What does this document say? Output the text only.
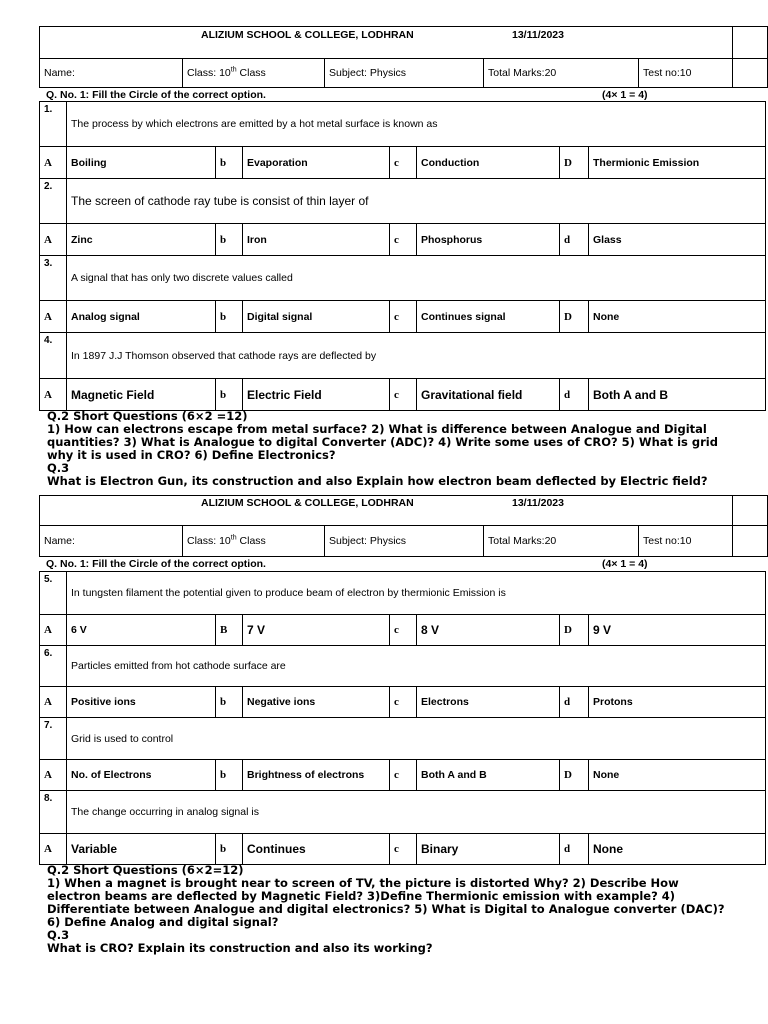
ALIZIUM SCHOOL & COLLEGE, LODHRAN 13/11/2023					

Name:	Class: 10th Class	Subject: Physics	Total Marks:20	Test no:10	
Q. No. 1: Fill the Circle of the correct option.	(4× 1 = 4)
1.	The process by which electrons are emitted by a hot metal surface is known as						
A	Boiling	b	Evaporation	c	Conduction	D	Thermionic Emission
2.	The screen of cathode ray tube is consist of thin layer of						
A	Zinc	b	Iron	c	Phosphorus	d	Glass
3.	A signal that has only two discrete values called						
A	Analog signal	b	Digital signal	c	Continues signal	D	None
4.	In 1897 J.J Thomson observed that cathode rays are deflected by						
A	Magnetic Field	b	Electric Field	c	Gravitational field	d	Both A and B

Q.2 Short Questions (6×2 =12)

1) How can electrons escape from metal surface? 2) What is difference between Analogue and Digital quantities? 3) What is Analogue to digital Converter (ADC)? 4) Write some uses of CRO? 5) What is grid why it is used in CRO? 6) Define Electronics?

Q.3

What is Electron Gun, its construction and also Explain how electron beam deflected by Electric field?

ALIZIUM SCHOOL & COLLEGE, LODHRAN 13/11/2023					

Name:	Class: 10th Class	Subject: Physics	Total Marks:20	Test no:10	
Q. No. 1: Fill the Circle of the correct option.	(4× 1 = 4)
5.	In tungsten filament the potential given to produce beam of electron by thermionic Emission is						
A	6 V	B	7 V	c	8 V	D	9 V
6.	Particles emitted from hot cathode surface are						
A	Positive ions	b	Negative ions	c	Electrons	d	Protons
7.	Grid is used to control						
A	No. of Electrons	b	Brightness of electrons	c	Both A and B	D	None
8.	The change occurring in analog signal is						
A	Variable	b	Continues	c	Binary	d	None

Q.2 Short Questions (6×2=12)

1) When a magnet is brought near to screen of TV, the picture is distorted Why? 2) Describe How electron beams are deflected by Magnetic Field? 3)Define Thermionic emission with example? 4) Differentiate between Analogue and digital electronics? 5) What is Digital to Analogue converter (DAC)? 6) Define Analog and digital signal?

Q.3

What is CRO? Explain its construction and also its working?
